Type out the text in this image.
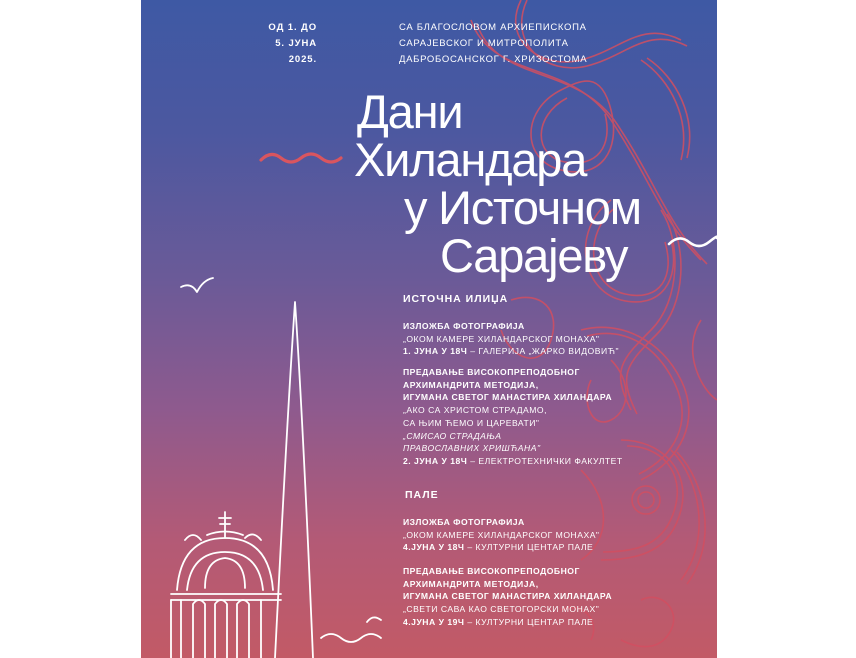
ОД 1. ДО
5. ЈУНА
2025.
СА БЛАГОСЛОВОМ АРХИЕПИСКОПА
САРАЈЕВСКОГ И МИТРОПОЛИТА
ДАБРОБОСАНСКОГ Г. ХРИЗОСТОМА
Дани
Хиландара
у Источном
Сарајеву
ИСТОЧНА ИЛИЏА
ИЗЛОЖБА ФОТОГРАФИЈА
„ОКОМ КАМЕРЕ ХИЛАНДАРСКОГ МОНАХА"
1. ЈУНА У 18Ч – ГАЛЕРИЈА „ЖАРКО ВИДОВИЋ"
ПРЕДАВАЊЕ ВИСОКОПРЕПОДОБНОГ
АРХИМАНДРИТА МЕТОДИЈА,
ИГУМАНА СВЕТОГ МАНАСТИРА ХИЛАНДАРА
„АКО СА ХРИСТОМ СТРАДАМО,
СА ЊИМ ЋЕМО И ЦАРЕВАТИ"
„СМИСАО СТРАДАЊА
ПРАВОСЛАВНИХ ХРИШЋАНА"
2. ЈУНА У 18Ч – ЕЛЕКТРОТЕХНИЧКИ ФАКУЛТЕТ
ПАЛЕ
ИЗЛОЖБА ФОТОГРАФИЈА
„ОКОМ КАМЕРЕ ХИЛАНДАРСКОГ МОНАХА"
4.ЈУНА У 18Ч – КУЛТУРНИ ЦЕНТАР ПАЛЕ
ПРЕДАВАЊЕ ВИСОКОПРЕПОДОБНОГ
АРХИМАНДРИТА МЕТОДИЈА,
ИГУМАНА СВЕТОГ МАНАСТИРА ХИЛАНДАРА
„СВЕТИ САВА КАО СВЕТОГОРСКИ МОНАХ"
4.ЈУНА У 19Ч – КУЛТУРНИ ЦЕНТАР ПАЛЕ
